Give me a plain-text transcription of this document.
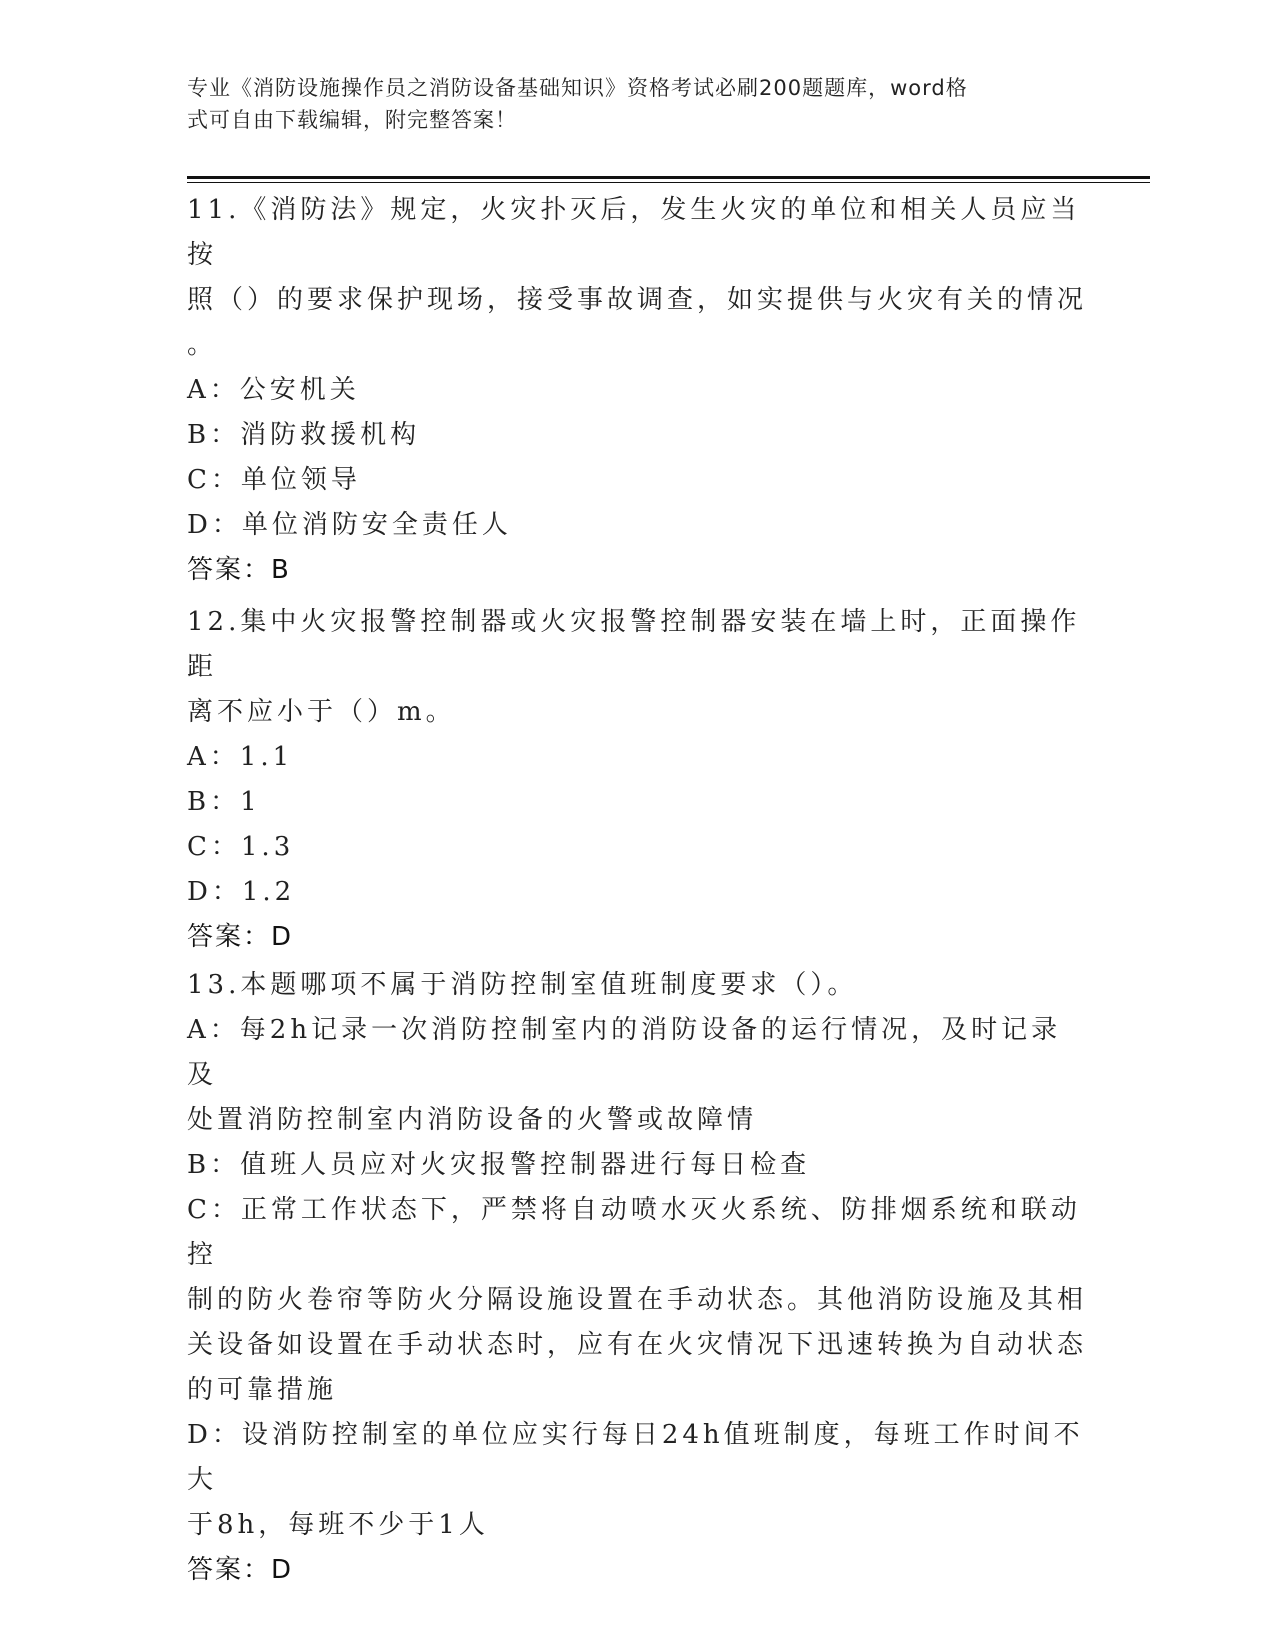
专业《消防设施操作员之消防设备基础知识》资格考试必刷200题题库，word格
式可自由下载编辑，附完整答案！

11.《消防法》规定，火灾扑灭后，发生火灾的单位和相关人员应当按

照（）的要求保护现场，接受事故调查，如实提供与火灾有关的情况

。

A：公安机关

B：消防救援机构

C：单位领导

D：单位消防安全责任人

答案：B

12.集中火灾报警控制器或火灾报警控制器安装在墙上时，正面操作距

离不应小于（）m。

A：1.1

B：1

C：1.3

D：1.2

答案：D

13.本题哪项不属于消防控制室值班制度要求（）。

A：每2h记录一次消防控制室内的消防设备的运行情况，及时记录及

处置消防控制室内消防设备的火警或故障情

B：值班人员应对火灾报警控制器进行每日检查

C：正常工作状态下，严禁将自动喷水灭火系统、防排烟系统和联动控

制的防火卷帘等防火分隔设施设置在手动状态。其他消防设施及其相

关设备如设置在手动状态时，应有在火灾情况下迅速转换为自动状态

的可靠措施

D：设消防控制室的单位应实行每日24h值班制度，每班工作时间不大

于8h，每班不少于1人

答案：D
